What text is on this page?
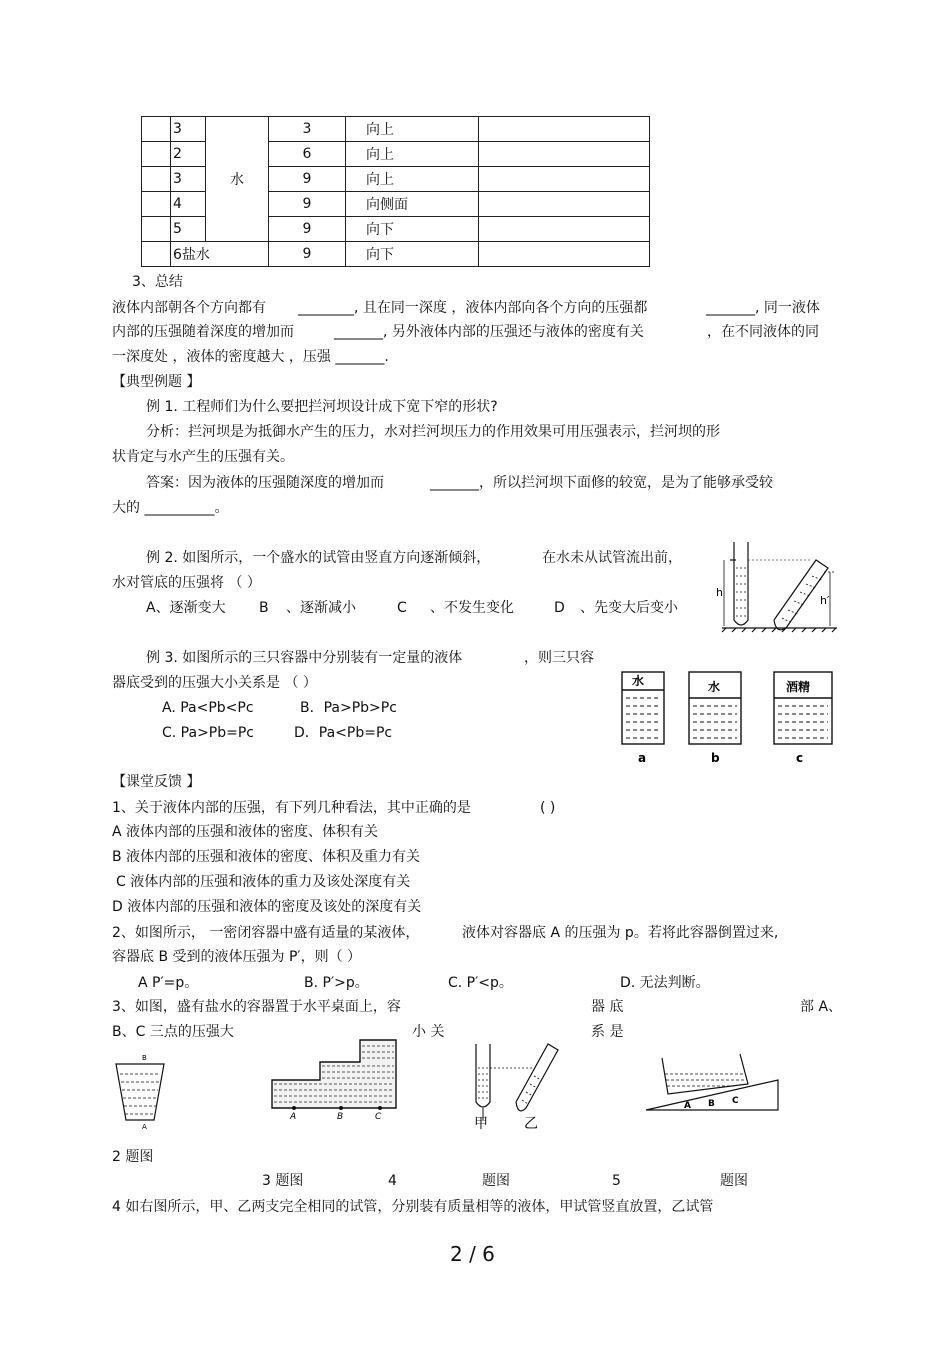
	3	水	3	向上	
	2		6	向上	
	3		9	向上	
	4		9	向侧面	
	5		9	向下	
	6盐水		9	向下	
3、总结
液体内部朝各个方向都有 ________, 且在同一深度 ，液体内部向各个方向的压强都	_______, 同一液体
内部的压强随着深度的增加而	_______, 另外液体内部的压强还与液体的密度有关	，在不同液体的同
一深度处 ，液体的密度越大 ，压强 _______.
【典型例题 】
例 1. 工程师们为什么要把拦河坝设计成下宽下窄的形状?
分析：拦河坝是为抵御水产生的压力，水对拦河坝压力的作用效果可用压强表示，拦河坝的形
状肯定与水产生的压强有关。
答案：因为液体的压强随深度的增加而	_______，所以拦河坝下面修的较宽，是为了能够承受较
大的 __________。
例 2. 如图所示，一个盛水的试管由竖直方向逐渐倾斜，	在水未从试管流出前，
水对管底的压强将 （ ）
A、逐渐变大 B 、逐渐减小	C 、不发生变化	D 、先变大后变小
例 3. 如图所示的三只容器中分别装有一定量的液体	，则三只容
器底受到的压强大小关系是 （ ）
A. Pa<Pb<Pc	B．Pa>Pb>Pc
C. Pa>Pb=Pc	D．Pa<Pb=Pc
h
h′
水	水	酒精
a	b	c
【课堂反馈 】
1、关于液体内部的压强，有下列几种看法，其中正确的是	( )
A 液体内部的压强和液体的密度、体积有关
B 液体内部的压强和液体的密度、体积及重力有关
C 液体内部的压强和液体的重力及该处深度有关
D 液体内部的压强和液体的密度及该处的深度有关
2、如图所示， 一密闭容器中盛有适量的某液体，	液体对容器底 A 的压强为 p。若将此容器倒置过来,
容器底 B 受到的液体压强为 P′，则（ ）
A P′=p。	B. P′>p。	C. P′<p。	D. 无法判断。
3、如图，盛有盐水的容器置于水平桌面上，容	器 底	部 A、
B、C 三点的压强大	小 关	系 是
B
A
A	B	C	甲	乙
A B C
2 题图
3 题图	4	题图	5	题图
4 如右图所示，甲、乙两支完全相同的试管，分别装有质量相等的液体，甲试管竖直放置，乙试管
2 / 6
